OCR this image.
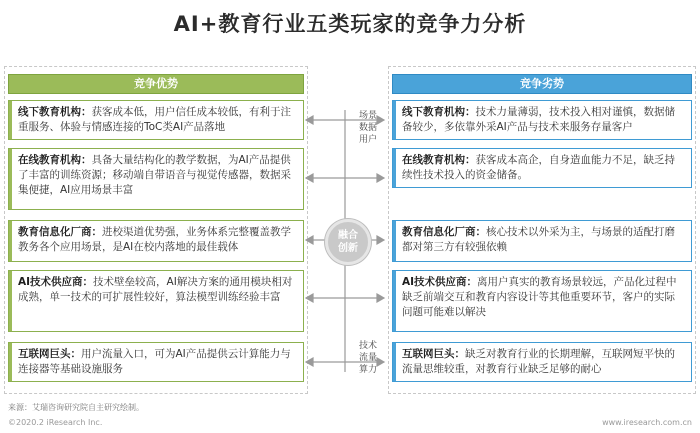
AI+教育行业五类玩家的竞争力分析
竞争优势	竞争劣势
场景
数据
用户
技术
流量
算力
融合
创新
线下教育机构：获客成本低，用户信任成本较低，有利于注重服务、体验与情感连接的ToC类AI产品落地
在线教育机构：具备大量结构化的教学数据，为AI产品提供了丰富的训练资源；移动端自带语音与视觉传感器，数据采集便捷，AI应用场景丰富
教育信息化厂商：进校渠道优势强，业务体系完整覆盖教学教务各个应用场景，是AI在校内落地的最佳载体
AI技术供应商：技术壁垒较高，AI解决方案的通用模块相对成熟，单一技术的可扩展性较好，算法模型训练经验丰富
互联网巨头：用户流量入口，可为AI产品提供云计算能力与连接器等基础设施服务
线下教育机构：技术力量薄弱，技术投入相对谨慎，数据储备较少，多依靠外采AI产品与技术来服务存量客户
在线教育机构：获客成本高企，自身造血能力不足，缺乏持续性技术投入的资金储备。
教育信息化厂商：核心技术以外采为主，与场景的适配打磨都对第三方有较强依赖
AI技术供应商：离用户真实的教育场景较远，产品化过程中缺乏前端交互和教育内容设计等其他重要环节，客户的实际问题可能难以解决
互联网巨头：缺乏对教育行业的长期理解，互联网短平快的流量思维较重，对教育行业缺乏足够的耐心
来源：艾瑞咨询研究院自主研究绘制。
©2020.2 iResearch Inc.	www.iresearch.com.cn
